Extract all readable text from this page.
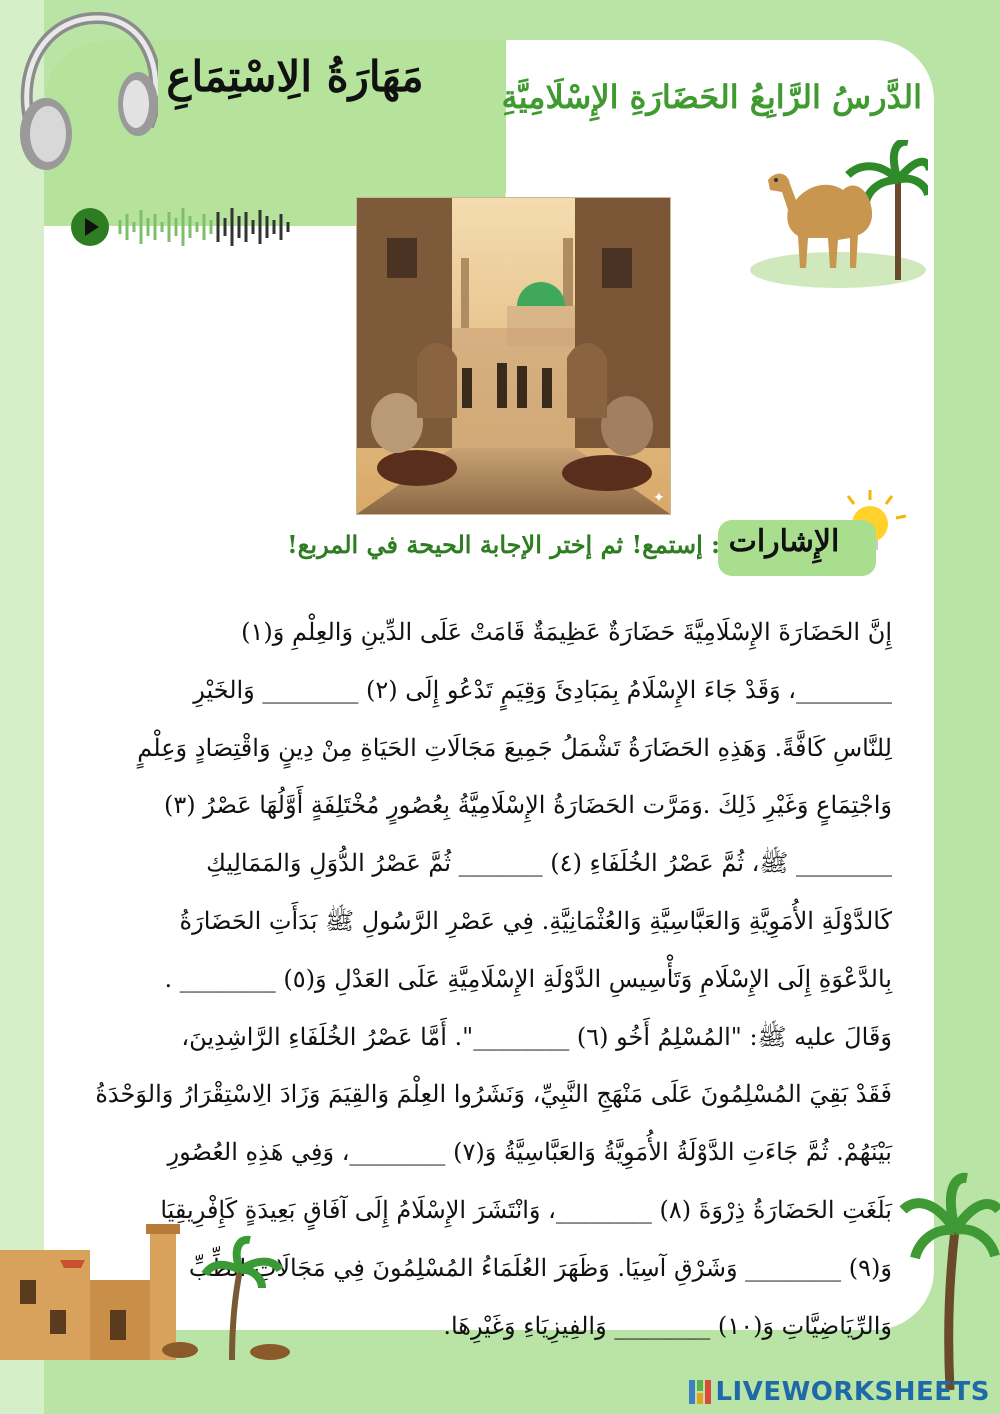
مَهَارَةُ الِاسْتِمَاعِ	الدَّرسُ الرَّابِعُ الحَضَارَةِ الإِسْلَامِيَّةِ
✦
الإِشارات
: إستمع! ثم إختر الإجابة الحيحة في المربع!
إِنَّ الحَضَارَةَ الإِسْلَامِيَّةَ حَضَارَةٌ عَظِيمَةٌ قَامَتْ عَلَى الدِّينِ وَالعِلْمِ وَ(١)
________، وَقَدْ جَاءَ الإِسْلَامُ بِمَبَادِئَ وَقِيَمٍ تَدْعُو إِلَى (٢) ________ وَالخَيْرِ
لِلنَّاسِ كَافَّةً. وَهَذِهِ الحَضَارَةُ تَشْمَلُ جَمِيعَ مَجَالَاتِ الحَيَاةِ مِنْ دِينٍ وَاقْتِصَادٍ وَعِلْمٍ
وَاجْتِمَاعٍ وَغَيْرِ ذَلِكَ .وَمَرَّت الحَضَارَةُ الإِسْلَامِيَّةُ بِعُصُورٍ مُخْتَلِفَةٍ أَوَّلُهَا عَصْرُ (٣)
________ ﷺ، ثُمَّ عَصْرُ الخُلَفَاءِ (٤) _______ ثُمَّ عَصْرُ الدُّوَلِ وَالمَمَالِيكِ
كَالدَّوْلَةِ الأُمَوِيَّةِ وَالعَبَّاسِيَّةِ وَالعُثْمَانِيَّةِ. فِي عَصْرِ الرَّسُولِ ﷺ بَدَأَتِ الحَضَارَةُ
بِالدَّعْوَةِ إِلَى الإِسْلَامِ وَتَأْسِيسِ الدَّوْلَةِ الإِسْلَامِيَّةِ عَلَى العَدْلِ وَ(٥) ________ .
وَقَالَ عليه ﷺ: "المُسْلِمُ أَخُو (٦) ________". أَمَّا عَصْرُ الخُلَفَاءِ الرَّاشِدِينَ،
فَقَدْ بَقِيَ المُسْلِمُونَ عَلَى مَنْهَجِ النَّبِيِّ، وَنَشَرُوا العِلْمَ وَالقِيَمَ وَزَادَ الِاسْتِقْرَارُ وَالوَحْدَةُ
بَيْنَهُمْ. ثُمَّ جَاءَتِ الدَّوْلَةُ الأُمَوِيَّةُ وَالعَبَّاسِيَّةُ وَ(٧) ________، وَفِي هَذِهِ العُصُورِ
بَلَغَتِ الحَضَارَةُ ذِرْوَةَ (٨) ________، وَانْتَشَرَ الإِسْلَامُ إِلَى آفَاقٍ بَعِيدَةٍ كَإِفْرِيقِيَا
وَ(٩) ________ وَشَرْقِ آسِيَا. وَظَهَرَ العُلَمَاءُ المُسْلِمُونَ فِي مَجَالَاتِ الطِّبِّ
وَالرِّيَاضِيَّاتِ وَ(١٠) ________ وَالفِيزِيَاءِ وَغَيْرِهَا.
LIVEWORKSHEETS
